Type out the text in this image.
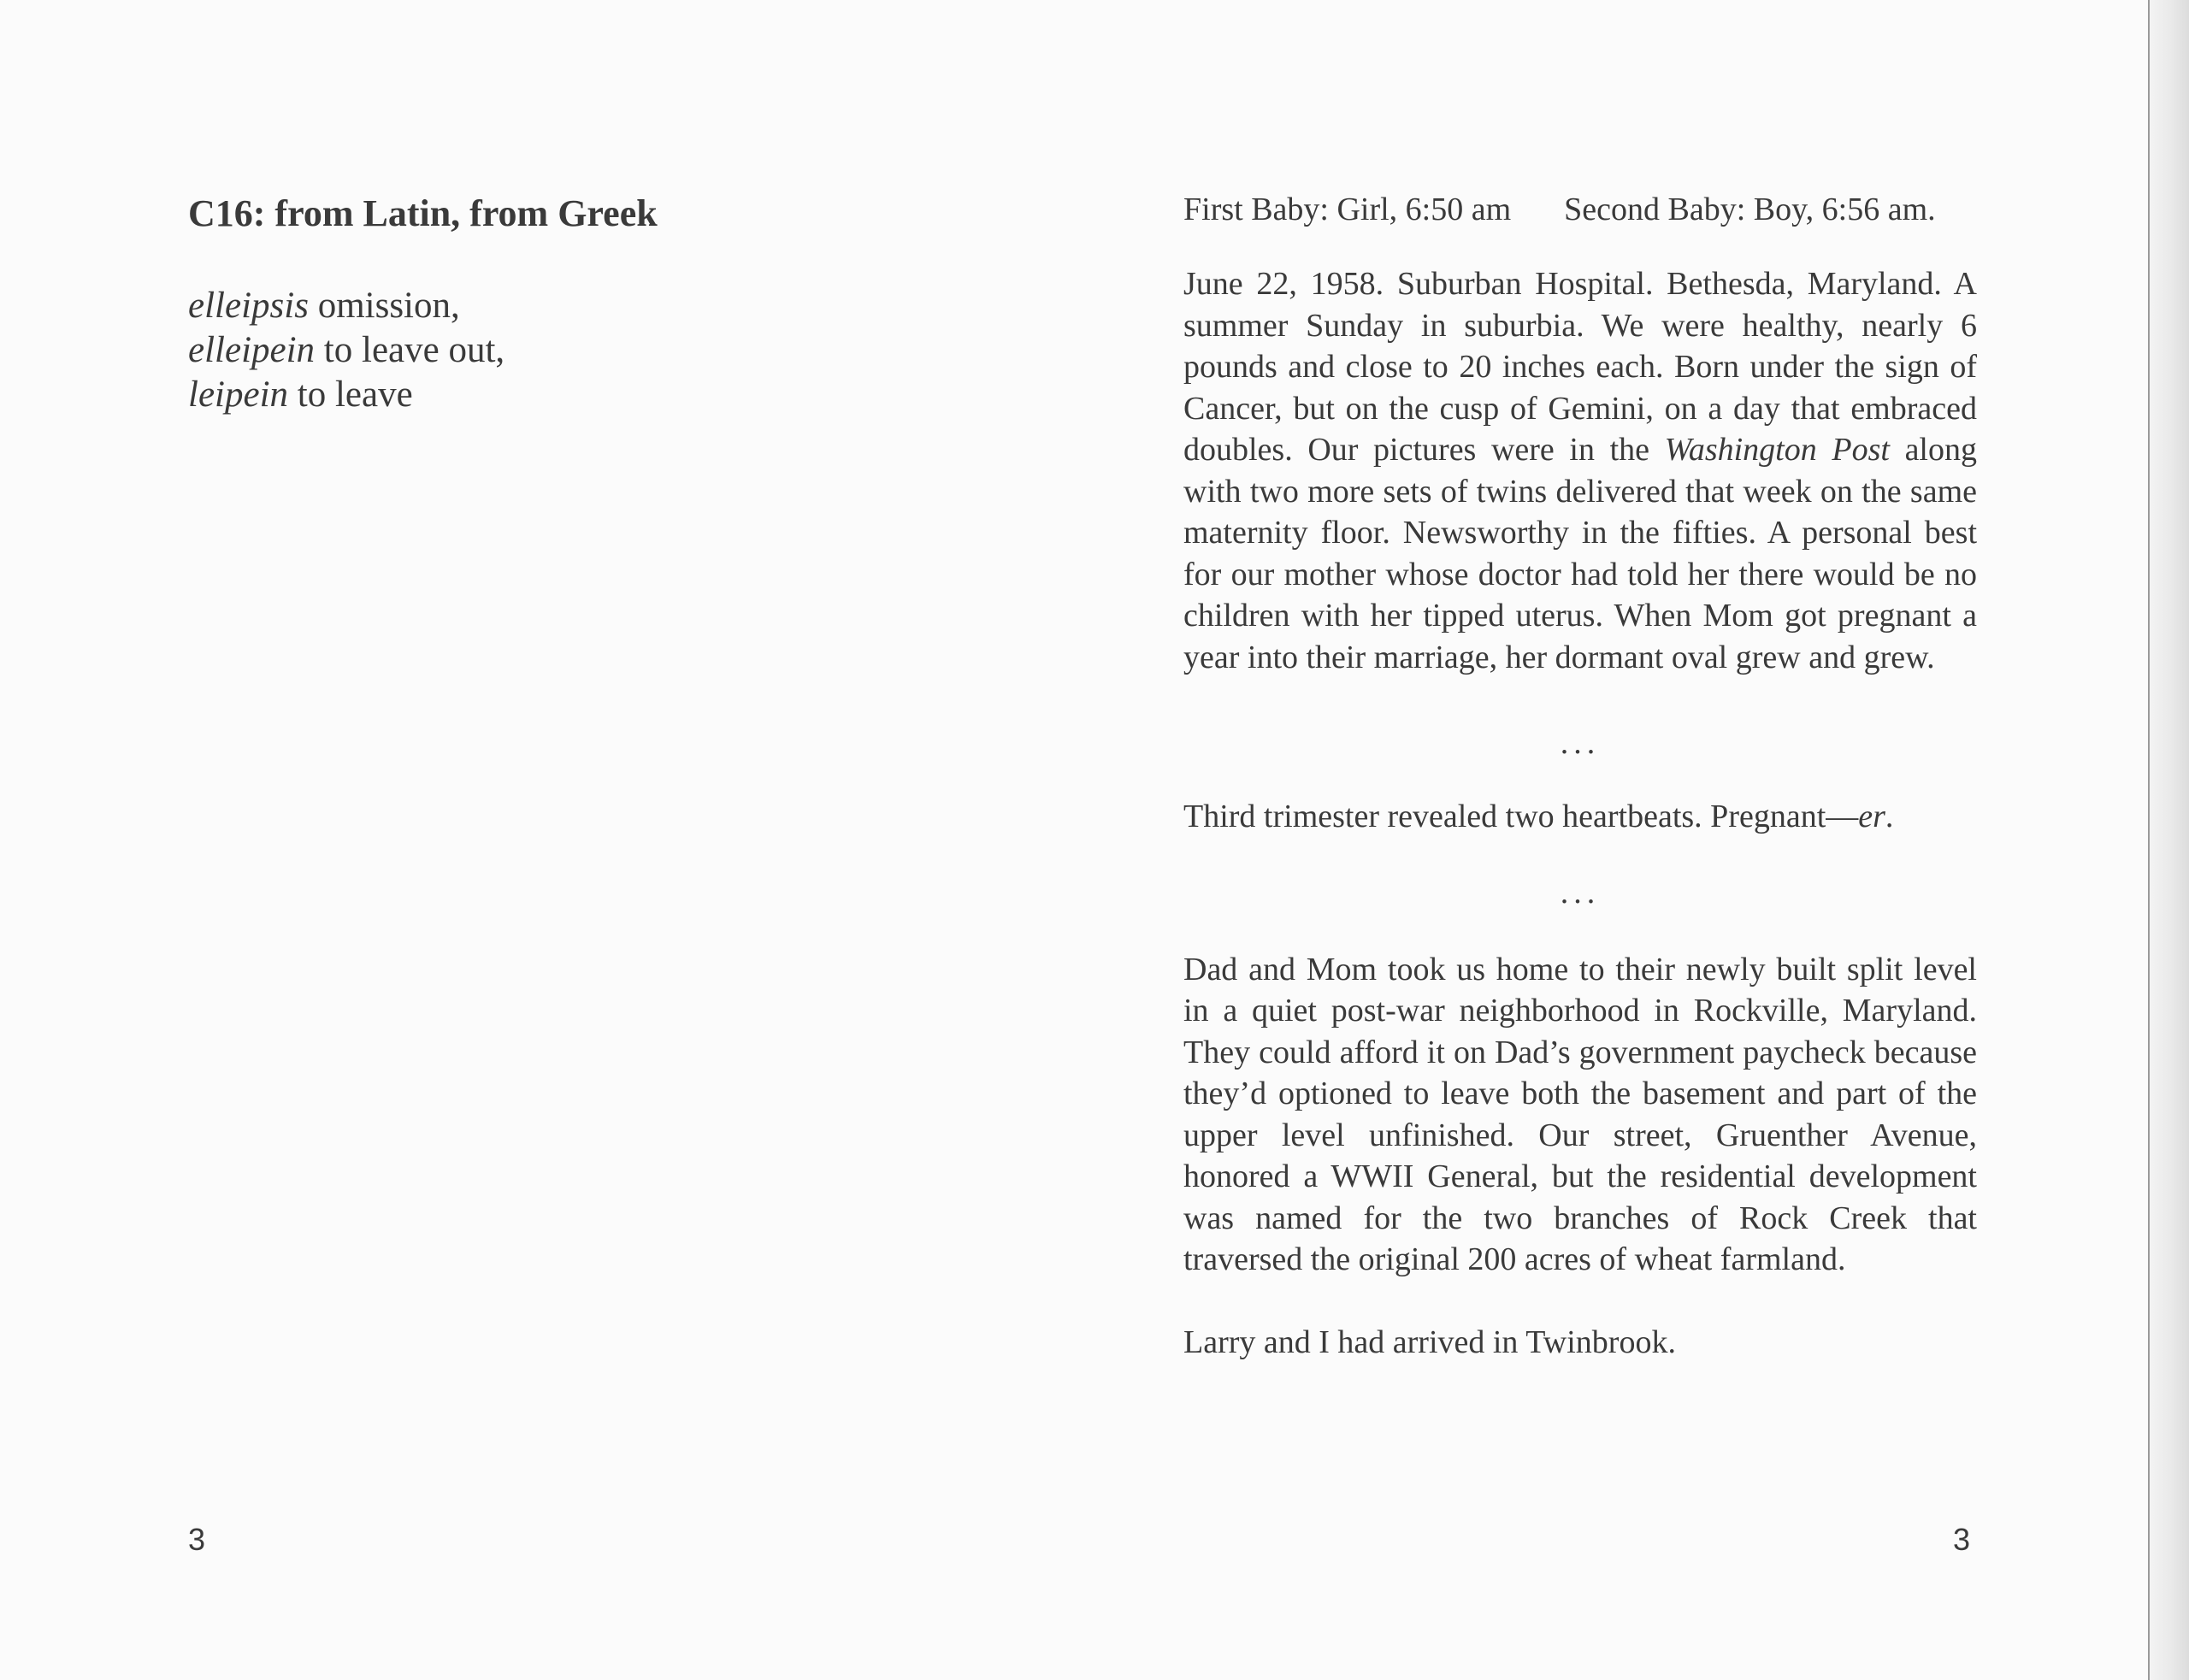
C16: from Latin, from Greek
elleipsis omission,
elleipein to leave out,
leipein to leave
First Baby: Girl, 6:50 am Second Baby: Boy, 6:56 am.

June 22, 1958. Suburban Hospital. Bethesda, Maryland. A summer Sunday in suburbia. We were healthy, nearly 6 pounds and close to 20 inches each. Born under the sign of Cancer, but on the cusp of Gemini, on a day that embraced doubles. Our pictures were in the Washington Post along with two more sets of twins delivered that week on the same maternity floor. Newsworthy in the fifties. A personal best for our mother whose doctor had told her there would be no children with her tipped uterus. When Mom got pregnant a year into their marriage, her dormant oval grew and grew.

...

Third trimester revealed two heartbeats. Pregnant—er.

...

Dad and Mom took us home to their newly built split level in a quiet post-war neighborhood in Rockville, Maryland. They could afford it on Dad’s government paycheck because they’d optioned to leave both the basement and part of the upper level unfinished. Our street, Gruenther Avenue, honored a WWII General, but the residential development was named for the two branches of Rock Creek that traversed the original 200 acres of wheat farmland.

Larry and I had arrived in Twinbrook.

3	3
